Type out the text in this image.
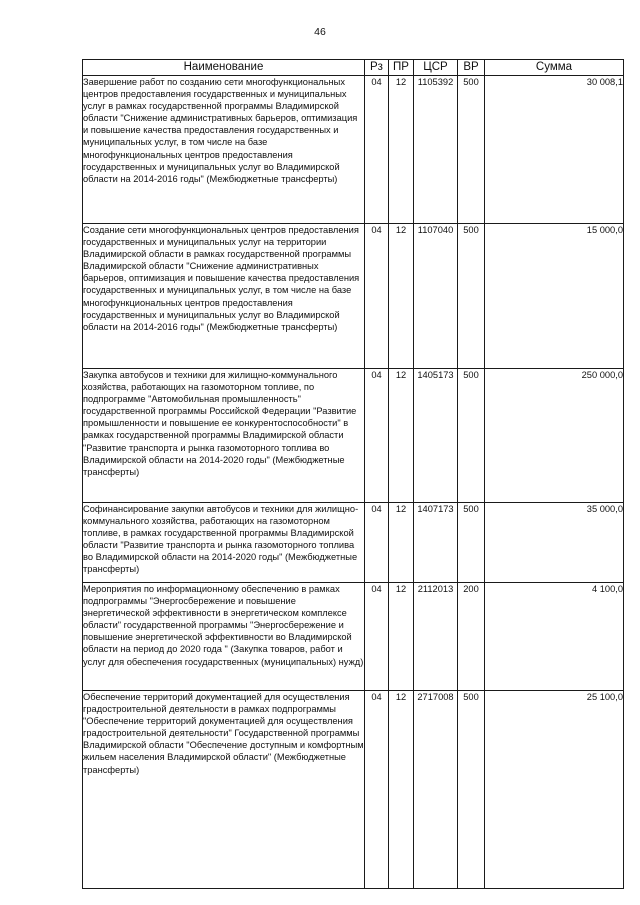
46
Наименование	Рз	ПР	ЦСР	ВР	Сумма
Завершение работ по созданию сети многофункциональных центров предоставления государственных и муниципальных услуг в рамках государственной программы Владимирской области "Снижение административных барьеров, оптимизация и повышение качества предоставления государственных и муниципальных услуг, в том числе на базе многофункциональных центров предоставления государственных и муниципальных услуг во Владимирской области на 2014-2016 годы" (Межбюджетные трансферты)	04	12	1105392	500	30 008,1
Создание сети многофункциональных центров предоставления государственных и муниципальных услуг на территории Владимирской области в рамках государственной программы Владимирской области "Снижение административных барьеров, оптимизация и повышение качества предоставления государственных и муниципальных услуг, в том числе на базе многофункциональных центров предоставления государственных и муниципальных услуг во Владимирской области на 2014-2016 годы" (Межбюджетные трансферты)	04	12	1107040	500	15 000,0
Закупка автобусов и техники для жилищно-коммунального хозяйства, работающих на газомоторном топливе, по подпрограмме "Автомобильная промышленность" государственной программы Российской Федерации "Развитие промышленности и повышение ее конкурентоспособности" в рамках государственной программы Владимирской области "Развитие транспорта и рынка газомоторного топлива во Владимирской области на 2014-2020 годы" (Межбюджетные трансферты)	04	12	1405173	500	250 000,0
Софинансирование закупки автобусов и техники для жилищно-коммунального хозяйства, работающих на газомоторном топливе, в рамках государственной программы Владимирской области "Развитие транспорта и рынка газомоторного топлива во Владимирской области на 2014-2020 годы" (Межбюджетные трансферты)	04	12	1407173	500	35 000,0
Мероприятия по информационному обеспечению в рамках подпрограммы "Энергосбережение и повышение энергетической эффективности в энергетическом комплексе области" государственной программы "Энергосбережение и повышение энергетической эффективности во Владимирской области на период до 2020 года " (Закупка товаров, работ и услуг для обеспечения государственных (муниципальных) нужд)	04	12	2112013	200	4 100,0
Обеспечение территорий документацией для осуществления градостроительной деятельности в рамках подпрограммы "Обеспечение территорий документацией для осуществления градостроительной деятельности" Государственной программы Владимирской области "Обеспечение доступным и комфортным жильем населения Владимирской области" (Межбюджетные трансферты)	04	12	2717008	500	25 100,0
